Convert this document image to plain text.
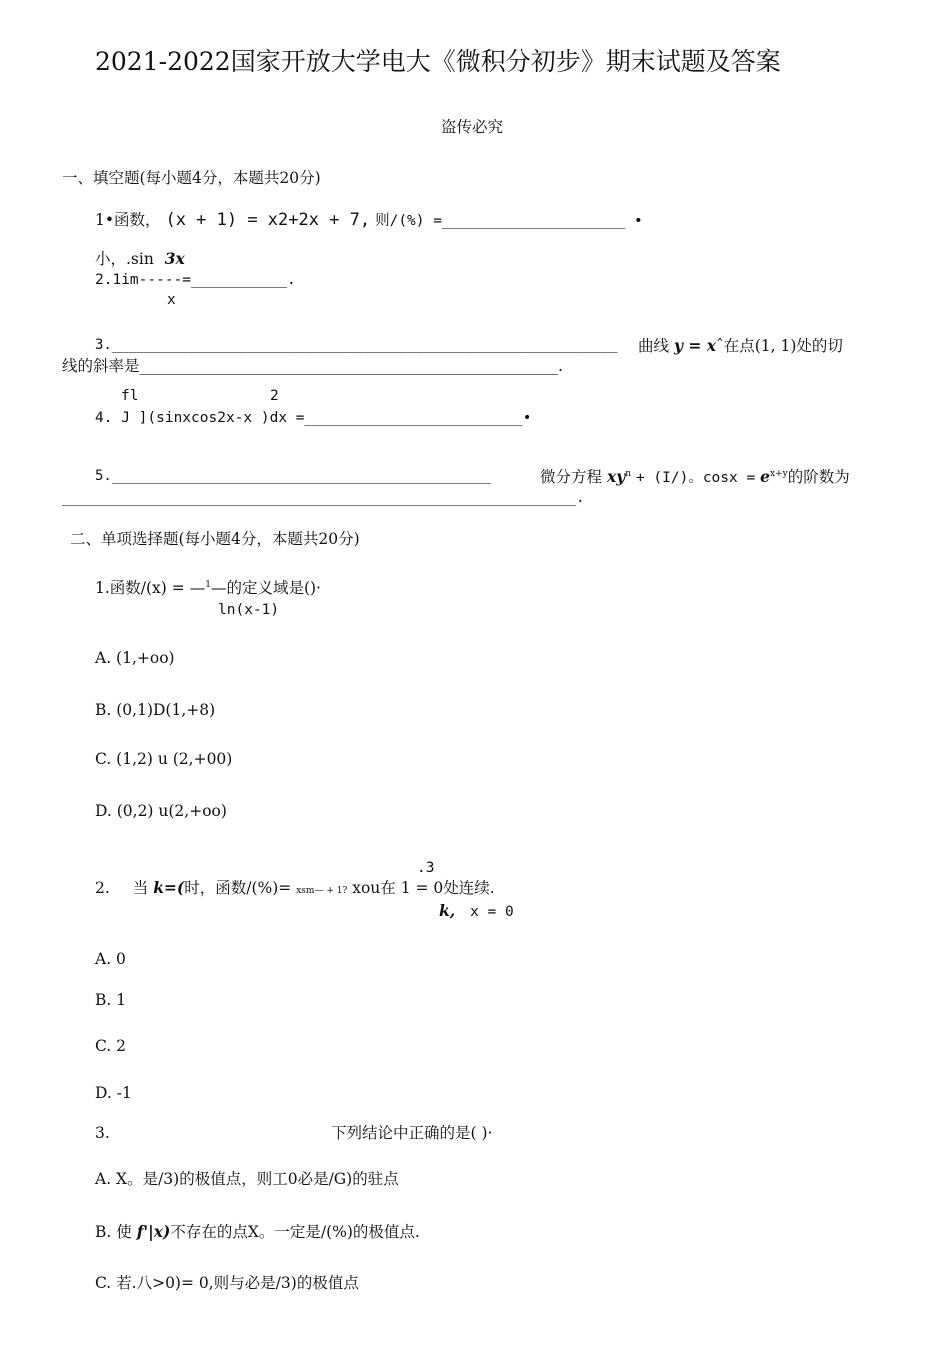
2021-2022国家开放大学电大《微积分初步》期末试题及答案
盗传必究
一、填空题(每小题4分，本题共20分)
1•函数， (x + 1) = x2+2x + 7, 则/(%) =_____________________ •
小，.sin 3x
2.1im-----=___________.
x
3.____________________________________________________________ 曲线 y = xˆ在点(1, 1)处的切
线的斜率是______________________________________________________.
fl	2
4. J ](sinxcos2x-x )dx =_________________________•
5._____________________________________________	微分方程 $xy^n + (I/)$。$\cos x = e^{x+y}$的阶数为
_____________________________________________________________.
二、单项选择题(每小题4分，本题共20分)
1.函数/(x) = —$^1$—的定义域是()·
ln(x-1)
A. (1,+oo)
B. (0,1)D(1,+8)
C. (1,2) u (2,+00)
D. (0,2) u(2,+oo)
.3
2. 当 k=(时，函数/(%)= xsm— + 1? xou在 1 = 0处连续.
k, x = 0
A. 0
B. 1
C. 2
D. -1
3.	下列结论中正确的是( )·
A. X。是/3)的极值点，则工0必是/G)的驻点
B. 使 f'|x)不存在的点X。一定是/(%)的极值点.
C. 若.八>0)= 0,则与必是/3)的极值点
